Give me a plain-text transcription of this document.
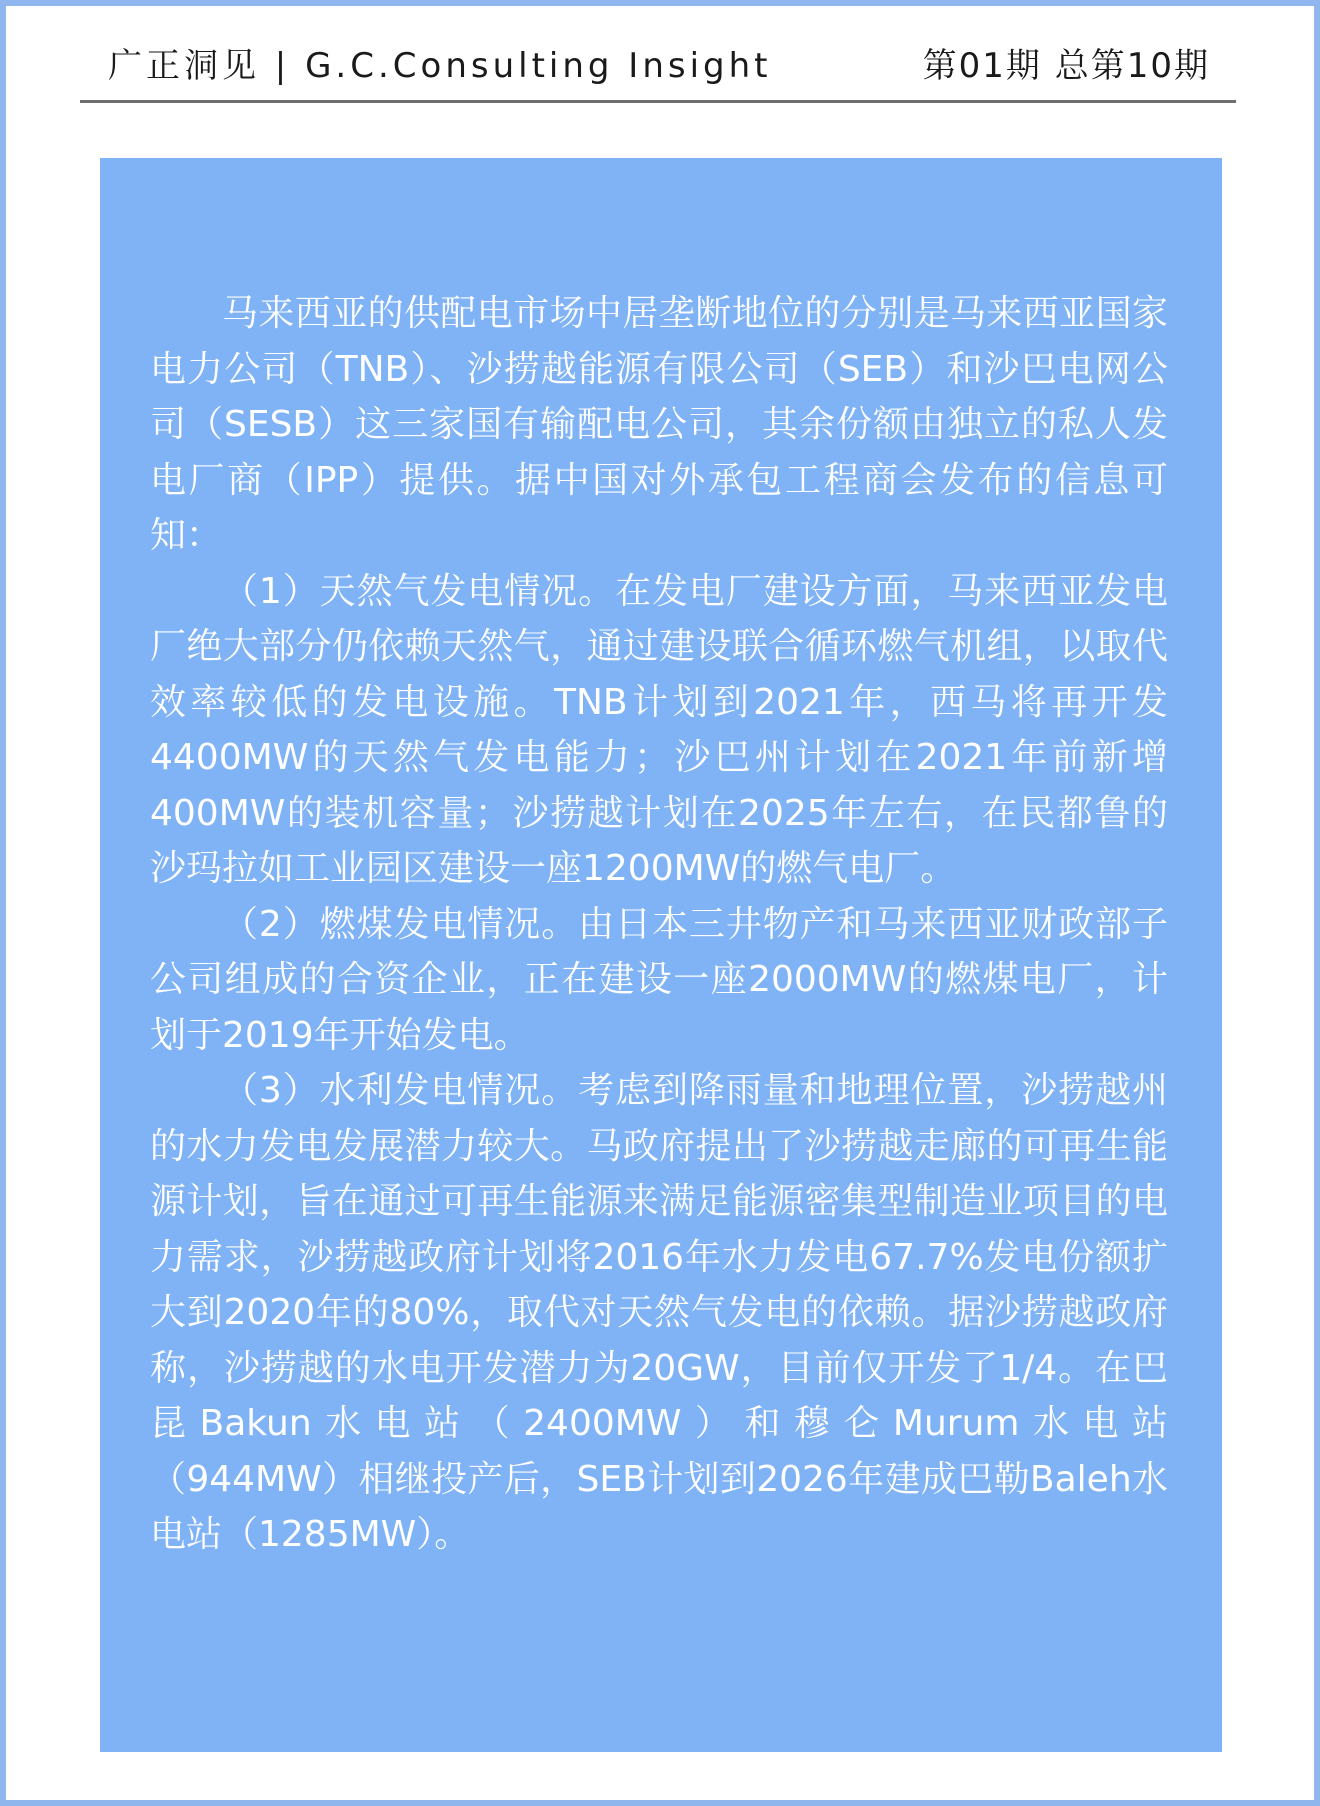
广正洞见 | G.C.Consulting Insight	第01期 总第10期

马来西亚的供配电市场中居垄断地位的分别是马来西亚国家电力公司（TNB）、沙捞越能源有限公司（SEB）和沙巴电网公司（SESB）这三家国有输配电公司，其余份额由独立的私人发电厂商（IPP）提供。据中国对外承包工程商会发布的信息可知：

（1）天然气发电情况。在发电厂建设方面，马来西亚发电厂绝大部分仍依赖天然气，通过建设联合循环燃气机组，以取代效率较低的发电设施。TNB计划到2021年，西马将再开发4400MW的天然气发电能力；沙巴州计划在2021年前新增400MW的装机容量；沙捞越计划在2025年左右，在民都鲁的沙玛拉如工业园区建设一座1200MW的燃气电厂。

（2）燃煤发电情况。由日本三井物产和马来西亚财政部子公司组成的合资企业，正在建设一座2000MW的燃煤电厂，计划于2019年开始发电。

（3）水利发电情况。考虑到降雨量和地理位置，沙捞越州的水力发电发展潜力较大。马政府提出了沙捞越走廊的可再生能源计划，旨在通过可再生能源来满足能源密集型制造业项目的电力需求，沙捞越政府计划将2016年水力发电67.7%发电份额扩大到2020年的80%，取代对天然气发电的依赖。据沙捞越政府称，沙捞越的水电开发潜力为20GW，目前仅开发了1/4。在巴昆Bakun水电站（2400MW）和穆仑Murum水电站（944MW）相继投产后，SEB计划到2026年建成巴勒Baleh水电站（1285MW）。
